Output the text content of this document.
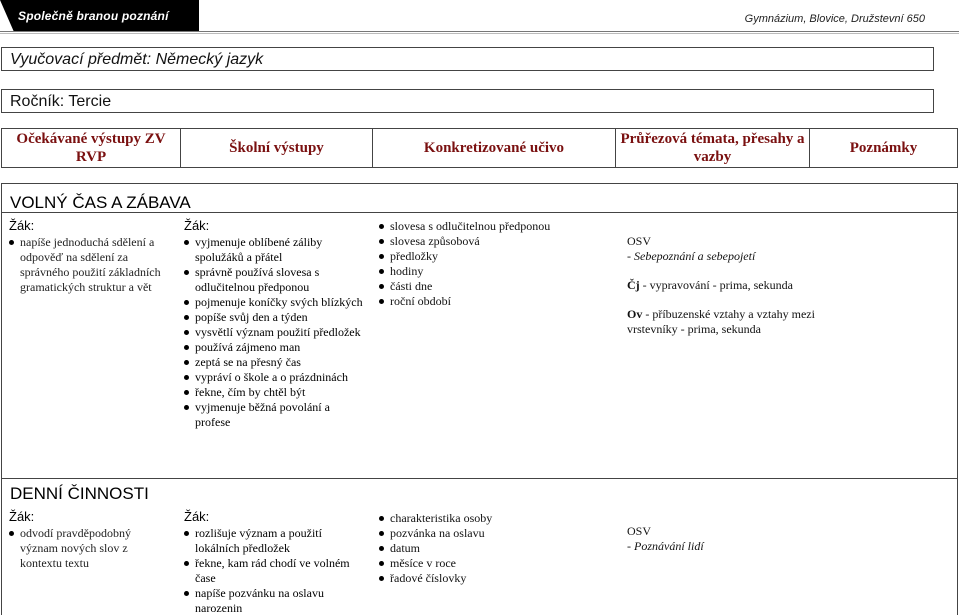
Společně branou poznání	Gymnázium, Blovice, Družstevní 650
Vyučovací předmět: Německý jazyk
Ročník: Tercie
Očekávané výstupy ZV RVP
Školní výstupy	Konkretizované učivo
Průřezová témata, přesahy a vazby
Poznámky
VOLNÝ ČAS A ZÁBAVA
Žák:
napíše jednoduchá sdělení a odpověď na sdělení za správného použití základních gramatických struktur a vět
Žák:
vyjmenuje oblíbené záliby spolužáků a přátel
správně používá slovesa s odlučitelnou předponou
pojmenuje koníčky svých blízkých
popíše svůj den a týden
vysvětlí význam použití předložek
používá zájmeno man
zeptá se na přesný čas
vypráví o škole a o prázdninách
řekne, čím by chtěl být
vyjmenuje běžná povolání a profese
slovesa s odlučitelnou předponou
slovesa způsobová
předložky
hodiny
části dne
roční období
OSV
- Sebepoznání a sebepojetí
Čj - vypravování - prima, sekunda
Ov - příbuzenské vztahy a vztahy mezi vrstevníky - prima, sekunda
DENNÍ ČINNOSTI
Žák:
odvodí pravděpodobný význam nových slov z kontextu textu
Žák:
rozlišuje význam a použití lokálních předložek
řekne, kam rád chodí ve volném čase
napíše pozvánku na oslavu narozenin
charakteristika osoby
pozvánka na oslavu
datum
měsíce v roce
řadové číslovky
OSV
- Poznávání lidí
